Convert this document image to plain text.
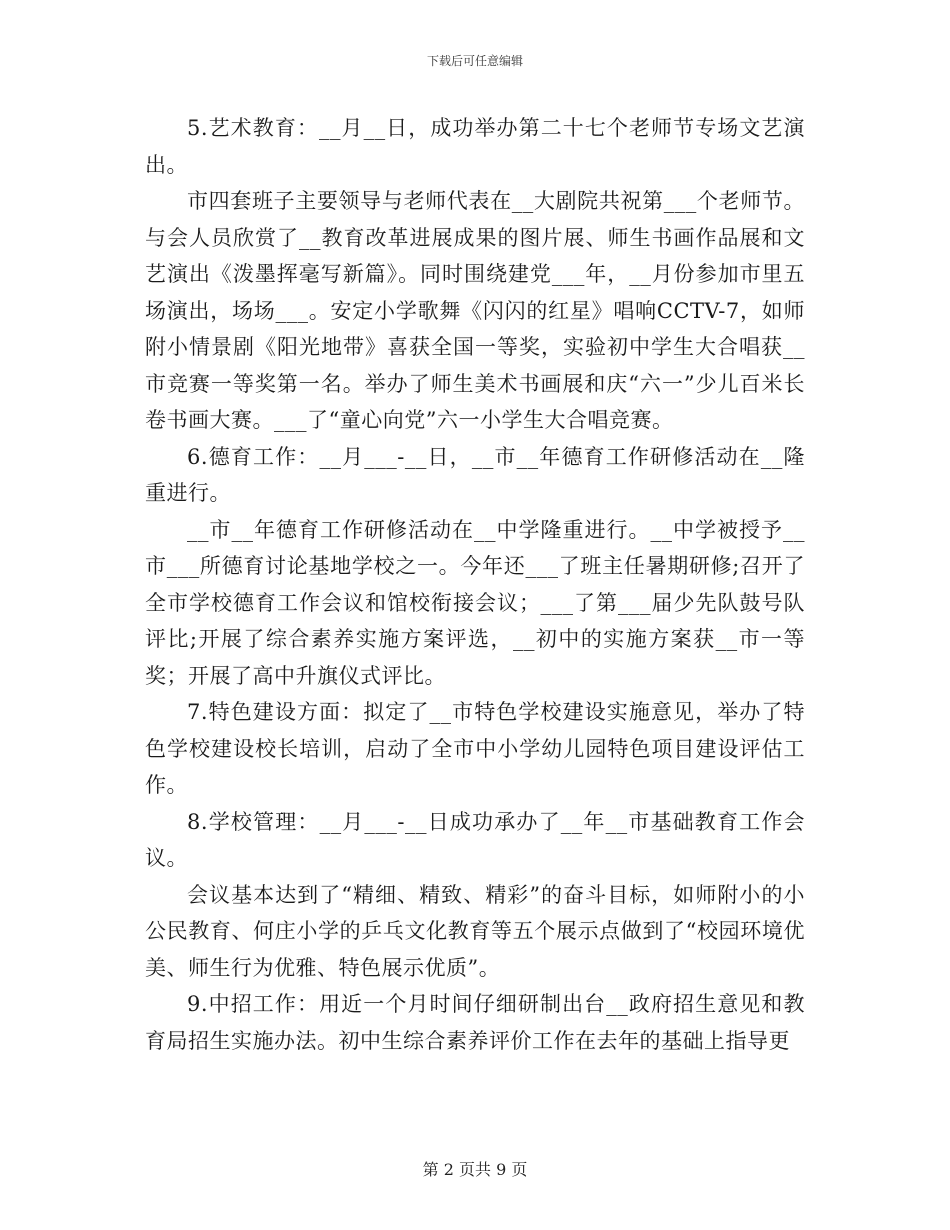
下载后可任意编辑

5.艺术教育：__月__日，成功举办第二十七个老师节专场文艺演出。

市四套班子主要领导与老师代表在__大剧院共祝第___个老师节。与会人员欣赏了__教育改革进展成果的图片展、师生书画作品展和文艺演出《泼墨挥毫写新篇》。同时围绕建党___年，__月份参加市里五场演出，场场___。安定小学歌舞《闪闪的红星》唱响CCTV-7，如师附小情景剧《阳光地带》喜获全国一等奖，实验初中学生大合唱获__市竞赛一等奖第一名。举办了师生美术书画展和庆“六一”少儿百米长卷书画大赛。___了“童心向党”六一小学生大合唱竞赛。

6.德育工作：__月___-__日，__市__年德育工作研修活动在__隆重进行。

__市__年德育工作研修活动在__中学隆重进行。__中学被授予__市___所德育讨论基地学校之一。今年还___了班主任暑期研修;召开了全市学校德育工作会议和馆校衔接会议；___了第___届少先队鼓号队评比;开展了综合素养实施方案评选，__初中的实施方案获__市一等奖；开展了高中升旗仪式评比。

7.特色建设方面：拟定了__市特色学校建设实施意见，举办了特色学校建设校长培训，启动了全市中小学幼儿园特色项目建设评估工作。

8.学校管理：__月___-__日成功承办了__年__市基础教育工作会议。

会议基本达到了“精细、精致、精彩”的奋斗目标，如师附小的小公民教育、何庄小学的乒乓文化教育等五个展示点做到了“校园环境优美、师生行为优雅、特色展示优质”。

9.中招工作：用近一个月时间仔细研制出台__政府招生意见和教育局招生实施办法。初中生综合素养评价工作在去年的基础上指导更

第 2 页共 9 页
